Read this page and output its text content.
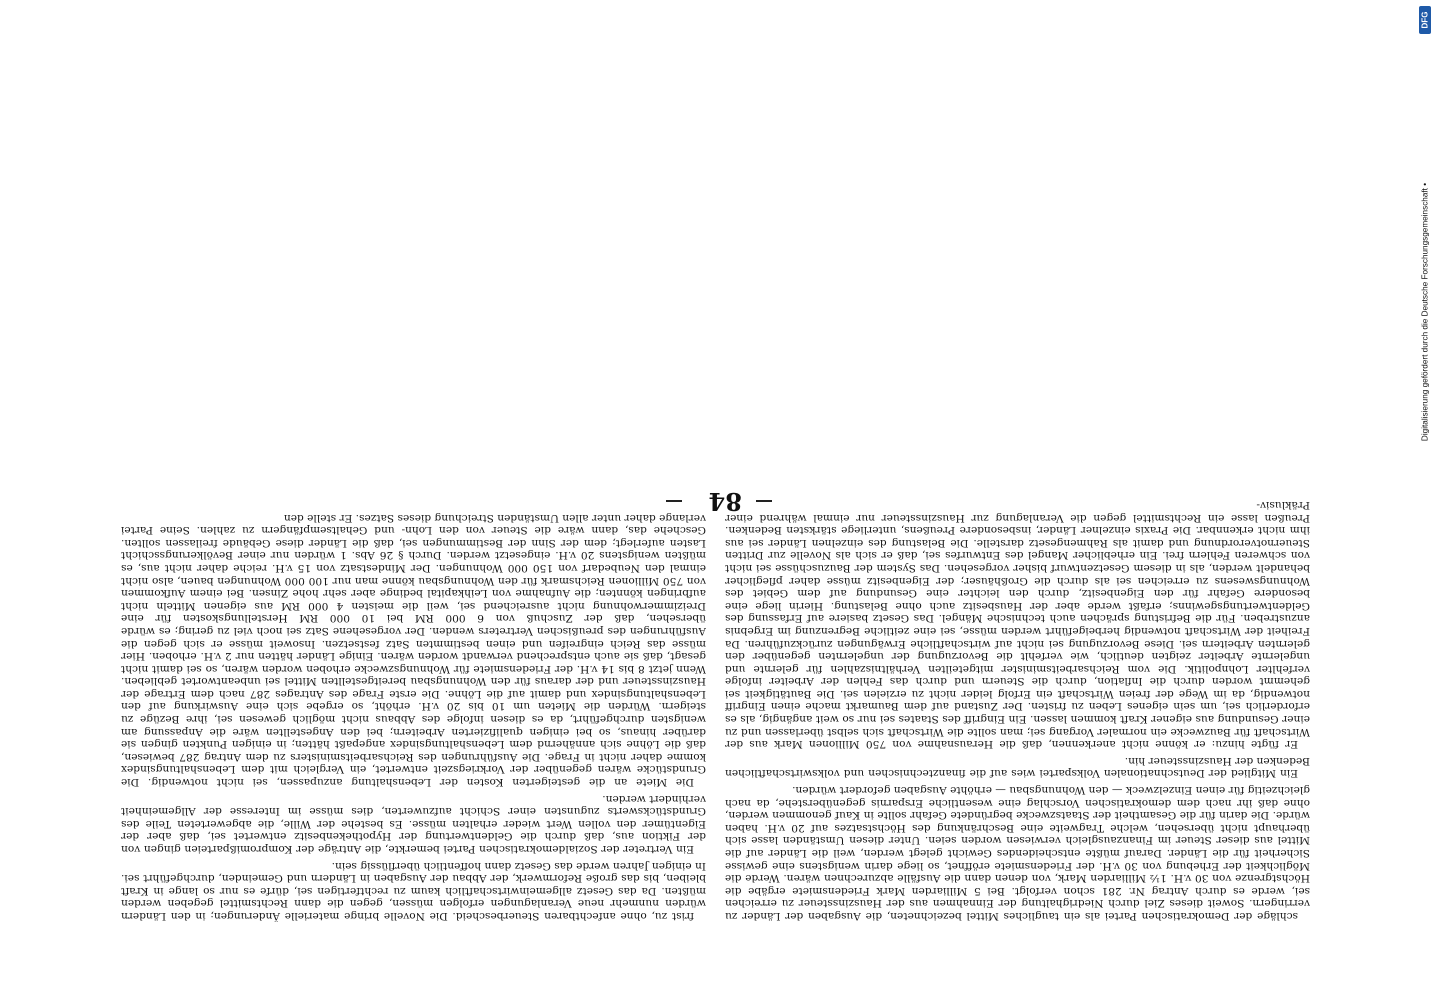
84

schläge der Demokratischen Partei als ein taugliches Mittel bezeichneten, die Ausgaben der Länder zu verringern. Soweit dieses Ziel durch Niedrighaltung der Einnahmen aus der Hauszinssteuer zu erreichen sei, werde es durch Antrag Nr. 281 schon verfolgt. Bei 5 Milliarden Mark Friedensmiete ergäbe die Höchstgrenze von 30 v.H. 1½ Milliarden Mark, von denen dann die Ausfälle abzurechnen wären. Werde die Möglichkeit der Erhebung von 30 v.H. der Friedensmiete eröffnet, so liege darin wenigstens eine gewisse Sicherheit für die Länder. Darauf müßte entscheidendes Gewicht gelegt werden, weil die Länder auf die Mittel aus dieser Steuer im Finanzausgleich verwiesen worden seien. Unter diesen Umständen lasse sich überhaupt nicht übersehen, welche Tragweite eine Beschränkung des Höchstsatzes auf 20 v.H. haben würde. Die darin für die Gesamtheit der Staatszwecke begründete Gefahr sollte in Kauf genommen werden, ohne daß ihr nach dem demokratischen Vorschlag eine wesentliche Ersparnis gegenüberstehe, da nach gleichzeitig für einen Einzelzweck — den Wohnungsbau — erhöhte Ausgaben gefordert würden.

Ein Mitglied der Deutschnationalen Volkspartei wies auf die finanztechnischen und volkswirtschaftlichen Bedenken der Hauszinssteuer hin.

Er fügte hinzu: er könne nicht anerkennen, daß die Herausnahme von 750 Millionen Mark aus der Wirtschaft für Bauzwecke ein normaler Vorgang sei; man sollte die Wirtschaft sich selbst überlassen und zu einer Gesundung aus eigener Kraft kommen lassen. Ein Eingriff des Staates sei nur so weit angängig, als es erforderlich sei, um sein eigenes Leben zu fristen. Der Zustand auf dem Baumarkt mache einen Eingriff notwendig, da im Wege der freien Wirtschaft ein Erfolg leider nicht zu erzielen sei. Die Bautätigkeit sei gehemmt worden durch die Inflation, durch die Steuern und durch das Fehlen der Arbeiter infolge verfehlter Lohnpolitik. Die vom Reichsarbeitsminister mitgeteilten Verhältniszahlen für gelernte und ungelernte Arbeiter zeigten deutlich, wie verfehlt die Bevorzugung der ungelernten gegenüber den gelernten Arbeitern sei. Diese Bevorzugung sei nicht auf wirtschaftliche Erwägungen zurückzuführen. Da Freiheit der Wirtschaft notwendig herbeigeführt werden müsse, sei eine zeitliche Begrenzung im Ergebnis anzustreben. Für die Befristung sprächen auch technische Mängel. Das Gesetz basiere auf Erfassung des Geldentwertungsgewinns; erfaßt werde aber der Hausbesitz auch ohne Belastung. Hierin liege eine besondere Gefahr für den Eigenbesitz, durch den leichter eine Gesundung auf dem Gebiet des Wohnungswesens zu erreichen sei als durch die Großhäuser; der Eigenbesitz müsse daher pfleglicher behandelt werden, als in diesem Gesetzentwurf bisher vorgesehen. Das System der Bauzuschüsse sei nicht von schweren Fehlern frei. Ein erheblicher Mangel des Entwurfes sei, daß er sich als Novelle zur Dritten Steuernotverordnung und damit als Rahmengesetz darstelle. Die Belastung des einzelnen Länder sei aus ihm nicht erkennbar. Die Praxis einzelner Länder, insbesondere Preußens, unterliege stärksten Bedenken. Preußen lasse ein Rechtsmittel gegen die Veranlagung zur Hauszinssteuer nur einmal während einer Präklusiv-

frist zu, ohne anfechtbaren Steuerbescheid. Die Novelle bringe materielle Änderungen; in den Ländern würden nunmehr neue Veranlagungen erfolgen müssen, gegen die dann Rechtsmittel gegeben werden müßten. Da das Gesetz allgemeinwirtschaftlich kaum zu rechtfertigen sei, dürfe es nur so lange in Kraft bleiben, bis das große Reformwerk, der Abbau der Ausgaben in Ländern und Gemeinden, durchgeführt sei. In einigen Jahren werde das Gesetz dann hoffentlich überflüssig sein.

Ein Vertreter der Sozialdemokratischen Partei bemerkte, die Anträge der Kompromißparteien gingen von der Fiktion aus, daß durch die Geldentwertung der Hypothekenbesitz entwertet sei, daß aber der Eigentümer den vollen Wert wieder erhalten müsse. Es bestehe der Wille, die abgewerteten Teile des Grundstückswerts zugunsten einer Schicht aufzuwerten, dies müsse im Interesse der Allgemeinheit verhindert werden.

Die Miete an die gesteigerten Kosten der Lebenshaltung anzupassen, sei nicht notwendig. Die Grundstücke wären gegenüber der Vorkriegszeit entwertet, ein Vergleich mit dem Lebenshaltungsindex komme daher nicht in Frage. Die Ausführungen des Reichsarbeitsministers zu dem Antrag 287 bewiesen, daß die Löhne sich annähernd dem Lebenshaltungsindex angepaßt hätten; in einigen Punkten gingen sie darüber hinaus, so bei einigen qualifizierten Arbeitern; bei den Angestellten wäre die Anpassung am wenigsten durchgeführt, da es diesen infolge des Abbaus nicht möglich gewesen sei, ihre Bezüge zu steigern. Würden die Mieten um 10 bis 20 v.H. erhöht, so ergebe sich eine Auswirkung auf den Lebenshaltungsindex und damit auf die Löhne. Die erste Frage des Antrages 287 nach dem Ertrage der Hauszinssteuer und der daraus für den Wohnungsbau bereitgestellten Mittel sei unbeantwortet geblieben. Wenn jetzt 8 bis 14 v.H. der Friedensmiete für Wohnungszwecke erhoben worden wären, so sei damit nicht gesagt, daß sie auch entsprechend verwandt worden wären. Einige Länder hätten nur 2 v.H. erhoben. Hier müsse das Reich eingreifen und einen bestimmten Satz festsetzen. Insoweit müsse er sich gegen die Ausführungen des preußischen Vertreters wenden. Der vorgesehene Satz sei noch viel zu gering; es würde übersehen, daß der Zuschuß von 6 000 RM bei 10 000 RM Herstellungskosten für eine Dreizimmerwohnung nicht ausreichend sei, weil die meisten 4 000 RM aus eigenen Mitteln nicht aufbringen könnten; die Aufnahme von Leihkapital bedinge aber sehr hohe Zinsen. Bei einem Aufkommen von 750 Millionen Reichsmark für den Wohnungsbau könne man nur 100 000 Wohnungen bauen, also nicht einmal den Neubedarf von 150 000 Wohnungen. Der Mindestsatz von 15 v.H. reiche daher nicht aus, es müßten wenigstens 20 v.H. eingesetzt werden. Durch § 26 Abs. 1 würden nur einer Bevölkerungsschicht Lasten auferlegt; dem der Sinn der Bestimmungen sei, daß die Länder diese Gebäude freilassen sollten. Geschehe das, dann wäre die Steuer von den Lohn- und Gehaltsempfängern zu zahlen. Seine Partei verlange daher unter allen Umständen Streichung dieses Satzes. Er stelle den

DFG
Digitalisierung gefördert durch die Deutsche Forschungsgemeinschaft •
